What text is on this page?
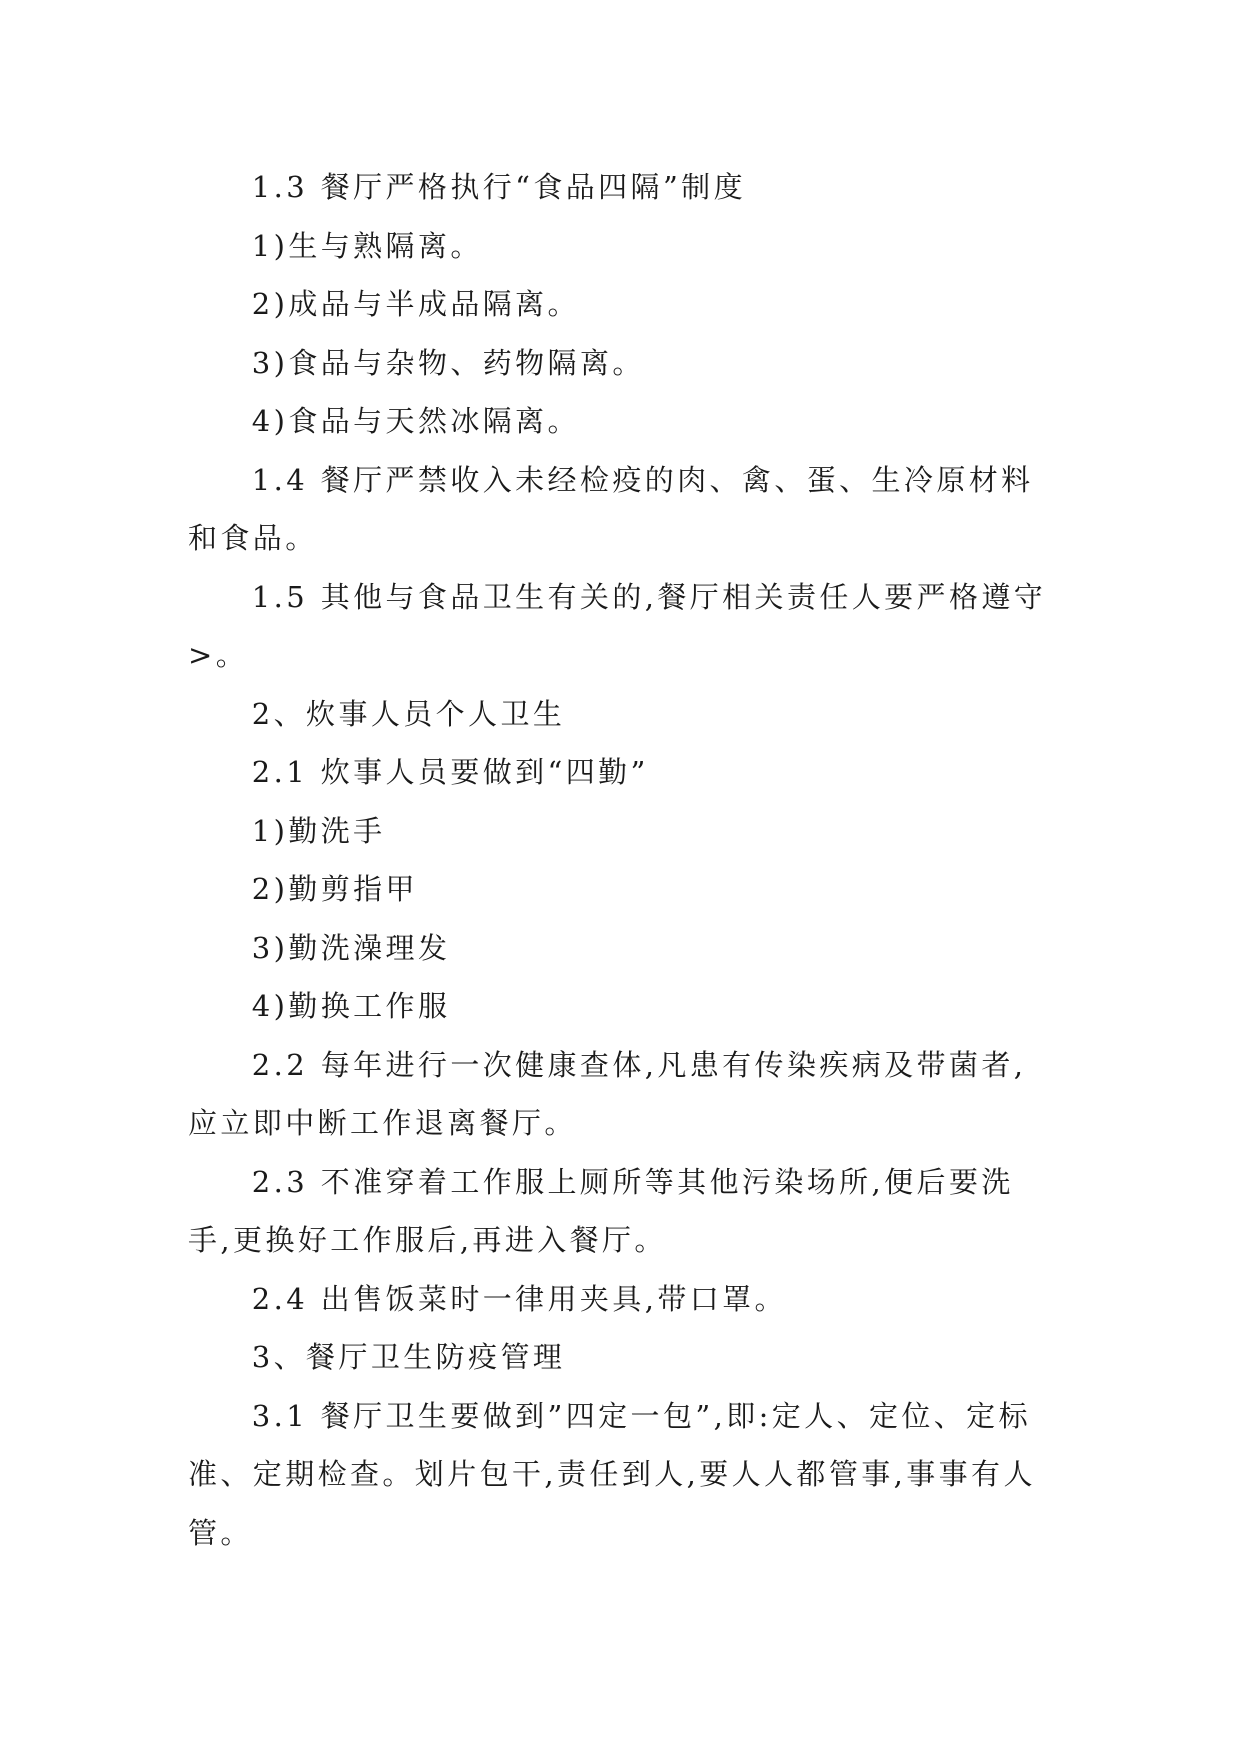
1.3 餐厅严格执行“食品四隔”制度

1)生与熟隔离。

2)成品与半成品隔离。

3)食品与杂物、药物隔离。

4)食品与天然冰隔离。

1.4 餐厅严禁收入未经检疫的肉、禽、蛋、生冷原材料和食品。

1.5 其他与食品卫生有关的,餐厅相关责任人要严格遵守>。

2、炊事人员个人卫生

2.1 炊事人员要做到“四勤”

1)勤洗手

2)勤剪指甲

3)勤洗澡理发

4)勤换工作服

2.2 每年进行一次健康查体,凡患有传染疾病及带菌者,应立即中断工作退离餐厅。

2.3 不准穿着工作服上厕所等其他污染场所,便后要洗手,更换好工作服后,再进入餐厅。

2.4 出售饭菜时一律用夹具,带口罩。

3、餐厅卫生防疫管理

3.1 餐厅卫生要做到”四定一包”,即:定人、定位、定标准、定期检查。划片包干,责任到人,要人人都管事,事事有人管。
